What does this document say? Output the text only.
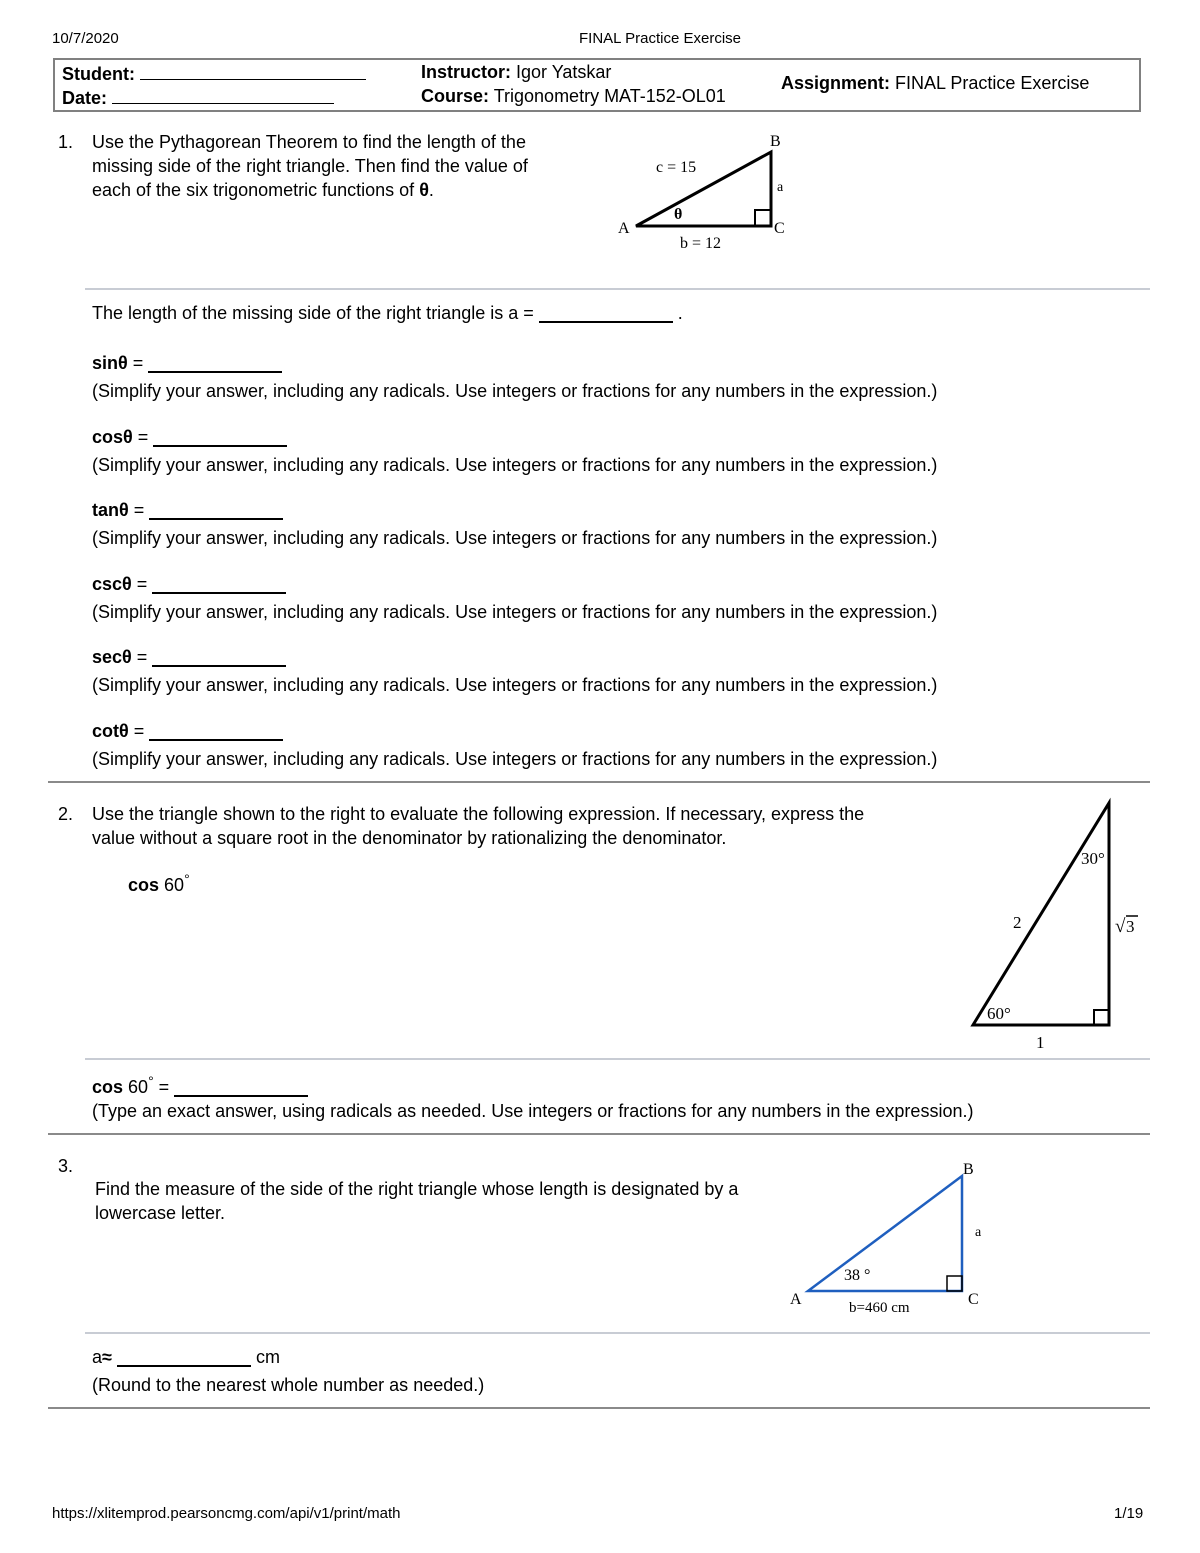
10/7/2020	FINAL Practice Exercise
Student:
Date:
Instructor: Igor Yatskar
Course: Trigonometry MAT-152-OL01
Assignment: FINAL Practice Exercise
1. Use the Pythagorean Theorem to find the length of the
missing side of the right triangle. Then find the value of
each of the six trigonometric functions of θ.
B
c = 15
a
θ
A	C
b = 12
The length of the missing side of the right triangle is a =	.
sinθ =
(Simplify your answer, including any radicals. Use integers or fractions for any numbers in the expression.)
cosθ =
(Simplify your answer, including any radicals. Use integers or fractions for any numbers in the expression.)
tanθ =
(Simplify your answer, including any radicals. Use integers or fractions for any numbers in the expression.)
cscθ =
(Simplify your answer, including any radicals. Use integers or fractions for any numbers in the expression.)
secθ =
(Simplify your answer, including any radicals. Use integers or fractions for any numbers in the expression.)
cotθ =
(Simplify your answer, including any radicals. Use integers or fractions for any numbers in the expression.)
2. Use the triangle shown to the right to evaluate the following expression. If necessary, express the
value without a square root in the denominator by rationalizing the denominator.
cos 60°
30°
2	√ 3
60°
1
cos 60° =
(Type an exact answer, using radicals as needed. Use integers or fractions for any numbers in the expression.)
3.
Find the measure of the side of the right triangle whose length is designated by a
lowercase letter.
B
a
38 °
A	C
b=460 cm
a≈	cm
(Round to the nearest whole number as needed.)
https://xlitemprod.pearsoncmg.com/api/v1/print/math	1/19
